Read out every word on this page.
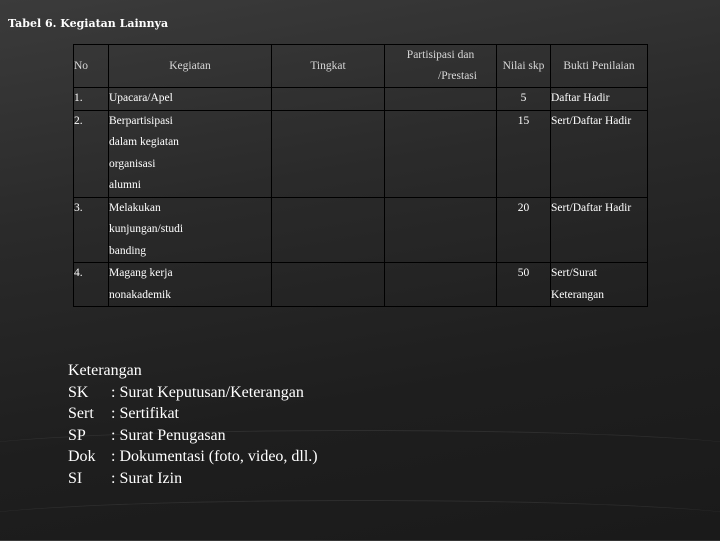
Tabel 6. Kegiatan Lainnya
No	Kegiatan	Tingkat	Partisipasi dan /Prestasi	Nilai skp	Bukti Penilaian

1.	Upacara/Apel			5	Daftar Hadir

2.	Berpartisipasi
dalam kegiatan
organisasi
alumni			15	Sert/Daftar Hadir

3.	Melakukan
kunjungan/studi
banding			20	Sert/Daftar Hadir

4.	Magang kerja
nonakademik			50	Sert/Surat
Keterangan
Keterangan
SK	: Surat Keputusan/Keterangan
Sert	: Sertifikat
SP	: Surat Penugasan
Dok : Dokumentasi (foto, video, dll.)
SI	: Surat Izin
